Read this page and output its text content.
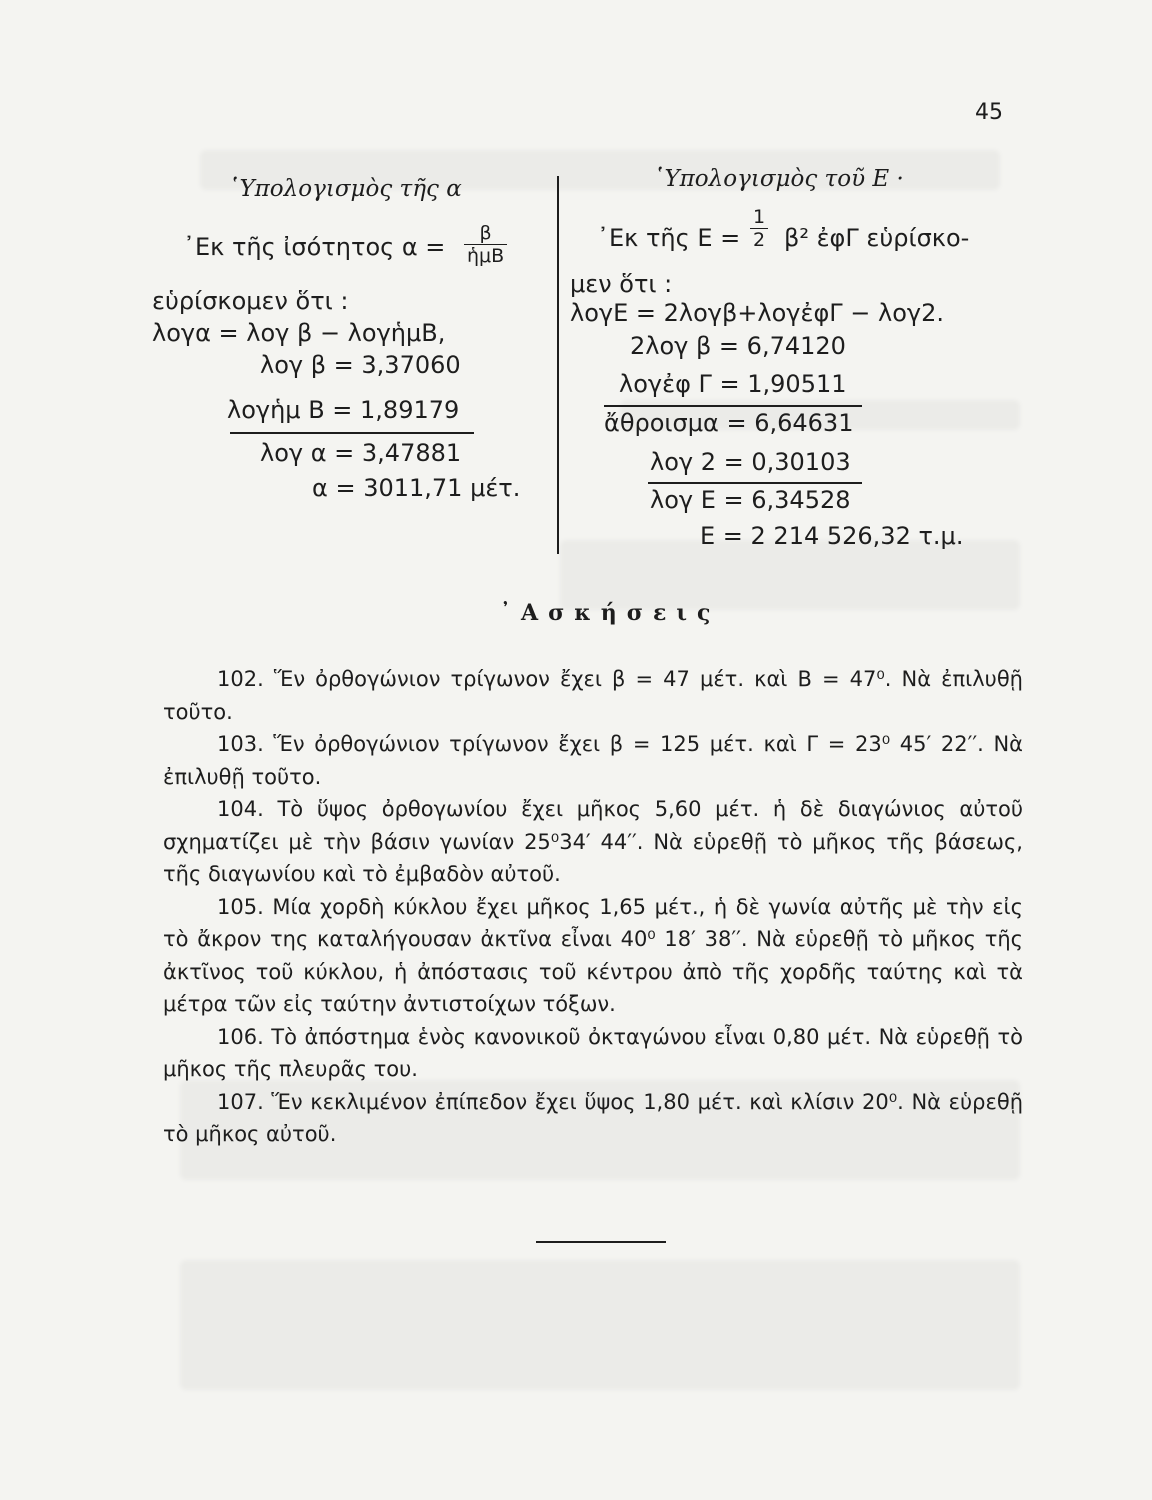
45
῾Υπολογισμὸς τῆς α
᾿Εκ τῆς ἰσότητος α =	β
ἡμΒ
εὑρίσκομεν ὅτι :
λογα = λογ β − λογἡμΒ,
λογ β = 3,37060
λογἡμ Β = 1,89179
λογ α = 3,47881
α = 3011,71 μέτ.
῾Υπολογισμὸς τοῦ Ε ·
᾿Εκ τῆς $E = \frac{1}{2} \beta^2$ ἐφΓ εὑρίσκο-
μεν ὅτι :
λογΕ = 2λογβ+λογἐφΓ − λογ2.
2λογ β = 6,74120
λογἐφ Γ = 1,90511
ἄθροισμα = 6,64631
λογ 2 = 0,30103
λογ Ε = 6,34528
Ε = 2 214 526,32 τ.μ.
᾿Ασκήσεις

102. Ἕν ὀρθογώνιον τρίγωνον ἔχει β = 47 μέτ. καὶ Β = 47⁰. Νὰ ἐπιλυθῇ τοῦτο.

103. Ἕν ὀρθογώνιον τρίγωνον ἔχει β = 125 μέτ. καὶ Γ = 23⁰ 45′ 22′′. Νὰ ἐπιλυθῇ τοῦτο.

104. Τὸ ὕψος ὀρθογωνίου ἔχει μῆκος 5,60 μέτ. ἡ δὲ διαγώνιος αὐτοῦ σχηματίζει μὲ τὴν βάσιν γωνίαν 25⁰34′ 44′′. Νὰ εὑρεθῇ τὸ μῆκος τῆς βάσεως, τῆς διαγωνίου καὶ τὸ ἐμβαδὸν αὐτοῦ.

105. Μία χορδὴ κύκλου ἔχει μῆκος 1,65 μέτ., ἡ δὲ γωνία αὐτῆς μὲ τὴν εἰς τὸ ἄκρον της καταλήγουσαν ἀκτῖνα εἶναι 40⁰ 18′ 38′′. Νὰ εὑρεθῇ τὸ μῆκος τῆς ἀκτῖνος τοῦ κύκλου, ἡ ἀπόστασις τοῦ κέντρου ἀπὸ τῆς χορδῆς ταύτης καὶ τὰ μέτρα τῶν εἰς ταύτην ἀντιστοίχων τόξων.

106. Τὸ ἀπόστημα ἑνὸς κανονικοῦ ὀκταγώνου εἶναι 0,80 μέτ. Νὰ εὑρεθῇ τὸ μῆκος τῆς πλευρᾶς του.

107. Ἕν κεκλιμένον ἐπίπεδον ἔχει ὕψος 1,80 μέτ. καὶ κλίσιν 20⁰. Νὰ εὑρεθῇ τὸ μῆκος αὐτοῦ.
